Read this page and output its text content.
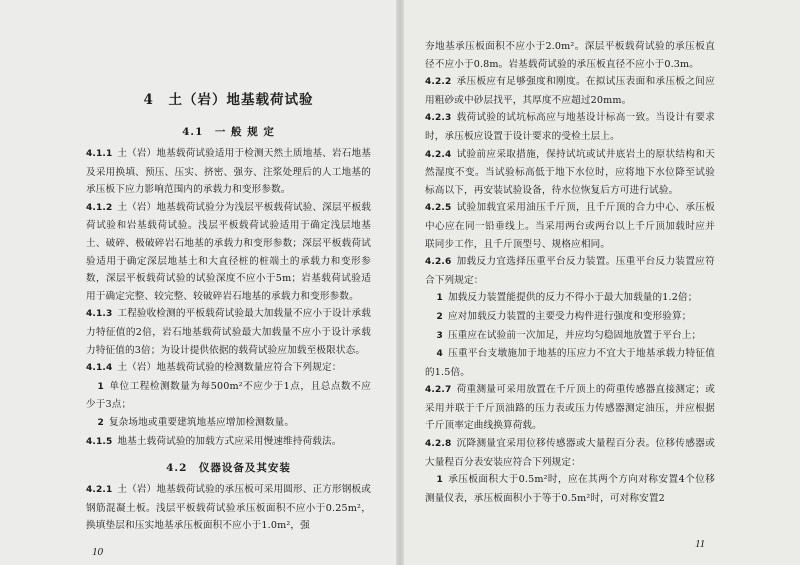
4　土（岩）地基载荷试验
4.1　一 般 规 定

4.1.1 土（岩）地基载荷试验适用于检测天然土质地基、岩石地基及采用换填、预压、压实、挤密、强夯、注浆处理后的人工地基的承压板下应力影响范围内的承载力和变形参数。

4.1.2 土（岩）地基载荷试验分为浅层平板载荷试验、深层平板载荷试验和岩基载荷试验。浅层平板载荷试验适用于确定浅层地基土、破碎、极破碎岩石地基的承载力和变形参数；深层平板载荷试验适用于确定深层地基土和大直径桩的桩端土的承载力和变形参数，深层平板载荷试验的试验深度不应小于5m；岩基载荷试验适用于确定完整、较完整、较破碎岩石地基的承载力和变形参数。

4.1.3 工程验收检测的平板载荷试验最大加载量不应小于设计承载力特征值的2倍，岩石地基载荷试验最大加载量不应小于设计承载力特征值的3倍；为设计提供依据的载荷试验应加载至极限状态。

4.1.4 土（岩）地基载荷试验的检测数量应符合下列规定：

1 单位工程检测数量为每500m²不应少于1点，且总点数不应少于3点；

2 复杂场地或重要建筑地基应增加检测数量。

4.1.5 地基土载荷试验的加载方式应采用慢速维持荷载法。

4.2　仪器设备及其安装

4.2.1 土（岩）地基载荷试验的承压板可采用圆形、正方形钢板或钢筋混凝土板。浅层平板载荷试验承压板面积不应小于0.25m²，换填垫层和压实地基承压板面积不应小于1.0m²，强

10

夯地基承压板面积不应小于2.0m²。深层平板载荷试验的承压板直径不应小于0.8m。岩基载荷试验的承压板直径不应小于0.3m。

4.2.2 承压板应有足够强度和刚度。在拟试压表面和承压板之间应用粗砂或中砂层找平，其厚度不应超过20mm。

4.2.3 载荷试验的试坑标高应与地基设计标高一致。当设计有要求时，承压板应设置于设计要求的受检土层上。

4.2.4 试验前应采取措施，保持试坑或试井底岩土的原状结构和天然湿度不变。当试验标高低于地下水位时，应将地下水位降至试验标高以下，再安装试验设备，待水位恢复后方可进行试验。

4.2.5 试验加载宜采用油压千斤顶，且千斤顶的合力中心、承压板中心应在同一铅垂线上。当采用两台或两台以上千斤顶加载时应并联同步工作，且千斤顶型号、规格应相同。

4.2.6 加载反力宜选择压重平台反力装置。压重平台反力装置应符合下列规定：

1 加载反力装置能提供的反力不得小于最大加载量的1.2倍；

2 应对加载反力装置的主要受力构件进行强度和变形验算；

3 压重应在试验前一次加足，并应均匀稳固地放置于平台上；

4 压重平台支墩施加于地基的压应力不宜大于地基承载力特征值的1.5倍。

4.2.7 荷重测量可采用放置在千斤顶上的荷重传感器直接测定；或采用并联于千斤顶油路的压力表或压力传感器测定油压，并应根据千斤顶率定曲线换算荷载。

4.2.8 沉降测量宜采用位移传感器或大量程百分表。位移传感器或大量程百分表安装应符合下列规定：

1 承压板面积大于0.5m²时，应在其两个方向对称安置4个位移测量仪表，承压板面积小于等于0.5m²时，可对称安置2

11
